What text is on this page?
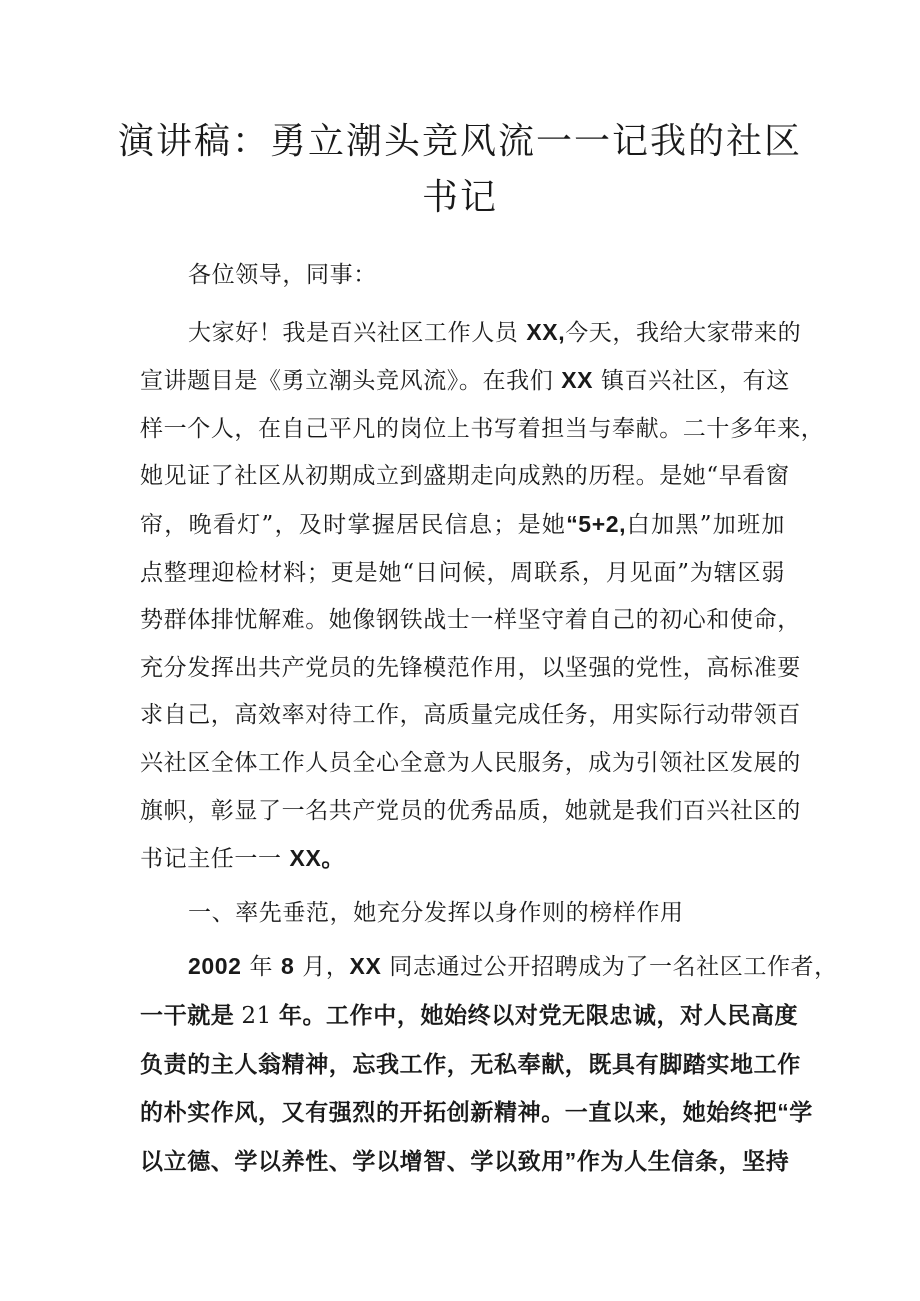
演讲稿：勇立潮头竞风流一一记我的社区
书记

各位领导，同事：

大家好！我是百兴社区工作人员 XX,今天，我给大家带来的
宣讲题目是《勇立潮头竞风流》。在我们 XX 镇百兴社区，有这
样一个人，在自己平凡的岗位上书写着担当与奉献。二十多年来，
她见证了社区从初期成立到盛期走向成熟的历程。是她“早看窗
帘，晚看灯”，及时掌握居民信息；是她“5+2,白加黑”加班加
点整理迎检材料；更是她“日问候，周联系，月见面”为辖区弱
势群体排忧解难。她像钢铁战士一样坚守着自己的初心和使命，
充分发挥出共产党员的先锋模范作用，以坚强的党性，高标准要
求自己，高效率对待工作，高质量完成任务，用实际行动带领百
兴社区全体工作人员全心全意为人民服务，成为引领社区发展的
旗帜，彰显了一名共产党员的优秀品质，她就是我们百兴社区的
书记主任一一 XX。

一、率先垂范，她充分发挥以身作则的榜样作用

2002 年 8 月，XX 同志通过公开招聘成为了一名社区工作者，
一干就是 21 年。工作中，她始终以对党无限忠诚，对人民高度
负责的主人翁精神，忘我工作，无私奉献，既具有脚踏实地工作
的朴实作风，又有强烈的开拓创新精神。一直以来，她始终把“学
以立德、学以养性、学以增智、学以致用”作为人生信条，坚持
